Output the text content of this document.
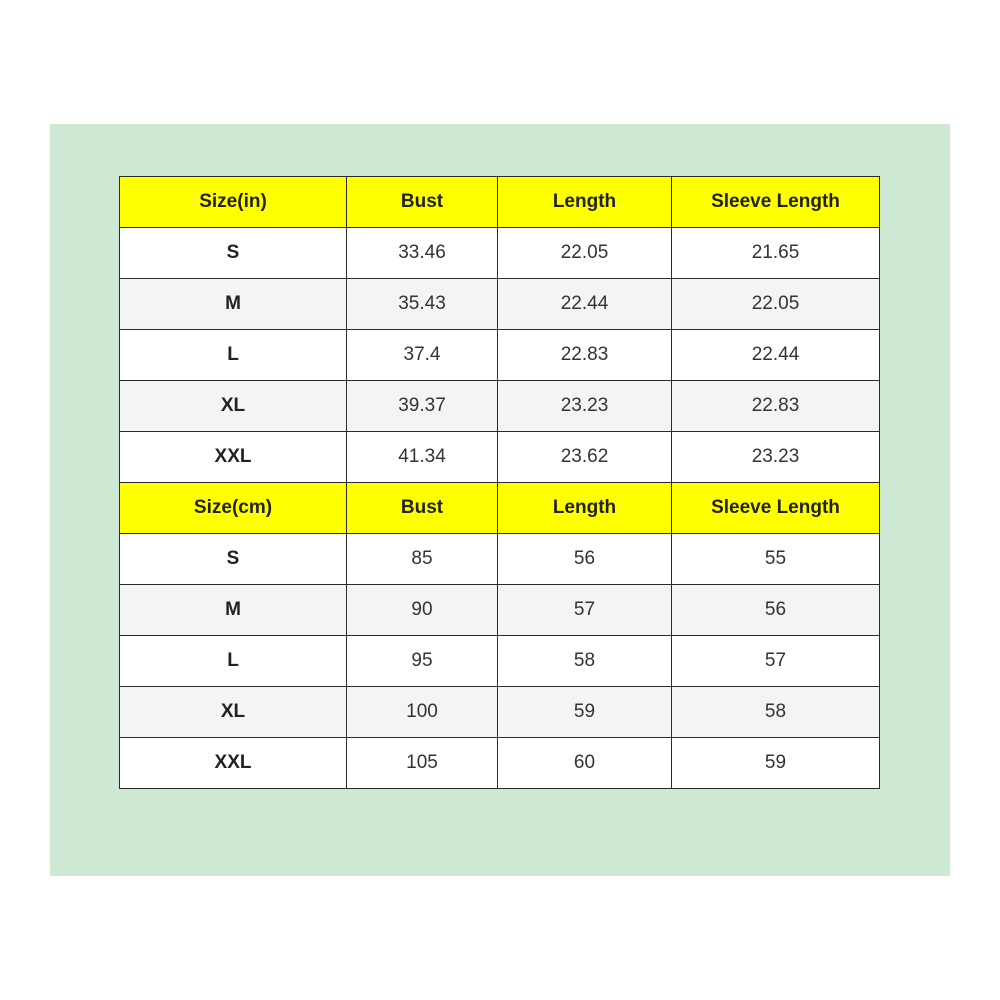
Size(in)	Bust	Length	Sleeve Length
S	33.46	22.05	21.65
M	35.43	22.44	22.05
L	37.4	22.83	22.44
XL	39.37	23.23	22.83
XXL	41.34	23.62	23.23
Size(cm)	Bust	Length	Sleeve Length
S	85	56	55
M	90	57	56
L	95	58	57
XL	100	59	58
XXL	105	60	59
